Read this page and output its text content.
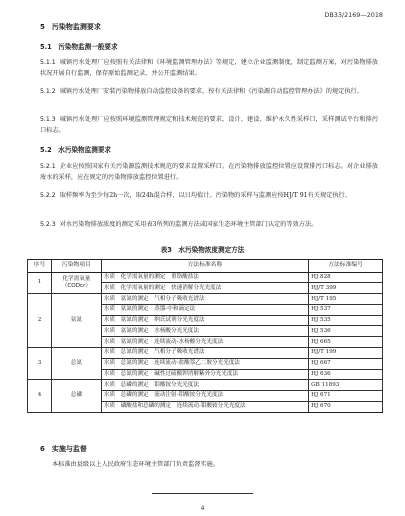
DB33/2169—2018
5　污染物监测要求
5.1　污染物监测一般要求
5.1.1 城镇污水处理厂应按照有关法律和《环境监测管理办法》等规定，建立企业监测制度，制定监测方案，对污染物排放状况开展自行监测，保存原始监测记录，并公开监测结果。
5.1.2 城镇污水处理厂安装污染物排放自动监控设备的要求，按有关法律和《污染源自动监控管理办法》的规定执行。
5.1.3 城镇污水处理厂应按照环境监测管理规定和技术规范的要求，设计、建设、维护永久性采样口，采样测试平台和排污口标志。
5.2　水污染物监测要求
5.2.1 企业应按照国家有关污染源监测技术规范的要求设置采样口。在污染物排放监控位置应设置排污口标志。对企业排放废水的采样，应在规定的污染物排放监控位置进行。
5.2.2 取样频率为至少每2h一次，取24h混合样，以日均值计。污染物的采样与监测应按HJ/T 91有关规定执行。
5.2.3 对水污染物排放浓度的测定采用表3所列的监测方法或国家生态环境主管部门认定的等效方法。
表3　水污染物浓度测定方法
序号	污染物项目	方法标准名称	方法标准编号
1	化学需氧量（CODcr）	水质　化学需氧量的测定　重铬酸盐法	HJ 828
		水质　化学需氧量的测定　快速消解分光光度法	HJ/T 399
2	氨氮	水质　氨氮的测定　气相分子吸收光谱法	HJ/T 195
		水质　氨氮的测定　蒸馏-中和滴定法	HJ 537
		水质　氨氮的测定　纳氏试剂分光光度法	HJ 535
		水质　氨氮的测定　水杨酸分光光度法	HJ 536
		水质　氨氮的测定　连续流动-水杨酸分光光度法	HJ 665
3	总氮	水质　总氮的测定　气相分子吸收光谱法	HJ/T 199
		水质　总氮的测定　连续流动-盐酸萘乙二胺分光光度法	HJ 667
		水质　总氮的测定　碱性过硫酸钾消解紫外分光光度法	HJ 636
4	总磷	水质　总磷的测定　钼酸铵分光光度法	GB 11893
		水质　总磷的测定　流动注射-钼酸铵分光光度法	HJ 671
		水质　磷酸盐和总磷的测定　连续流动-钼酸铵分光光度法	HJ 670
6　实施与监督
本标准由县级以上人民政府生态环境主管部门负责监督实施。
4
